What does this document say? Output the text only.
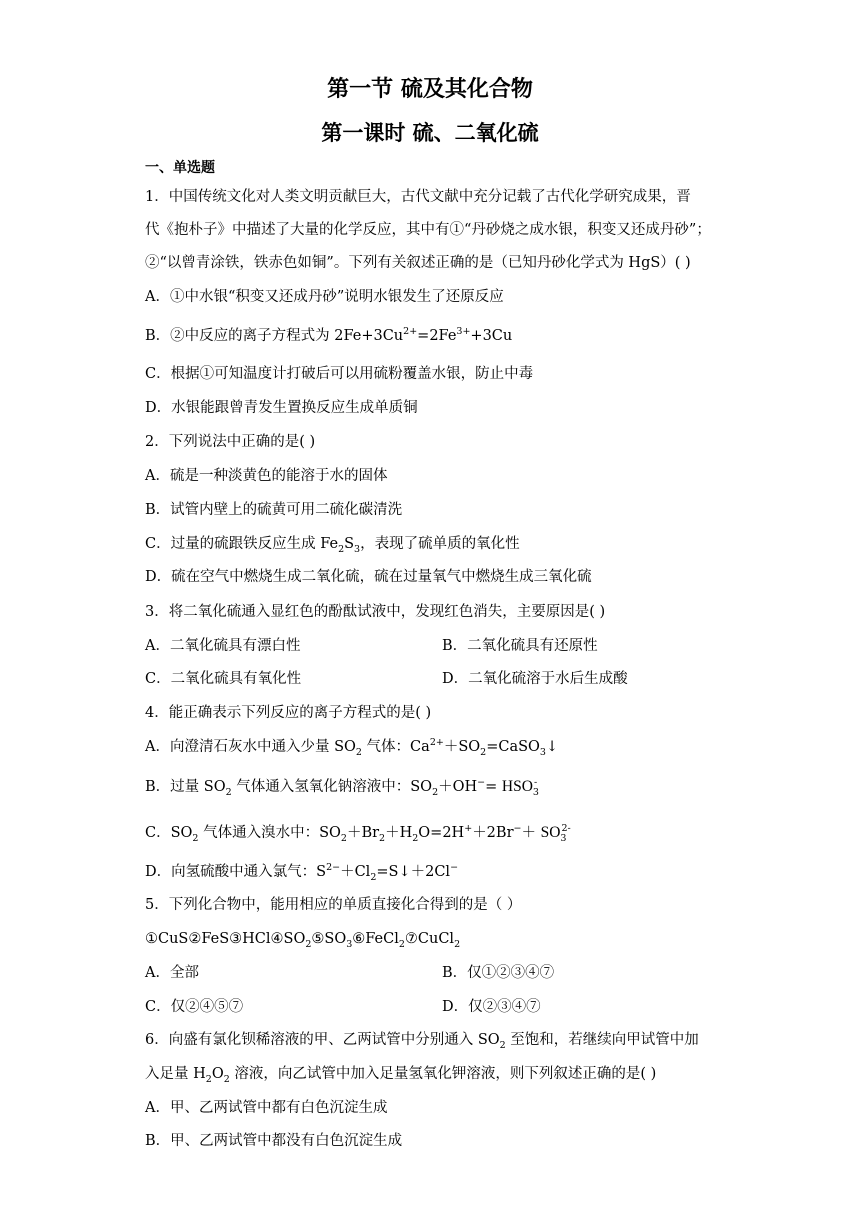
第一节 硫及其化合物
第一课时 硫、二氧化硫
一、单选题
1．中国传统文化对人类文明贡献巨大，古代文献中充分记载了古代化学研究成果，晋
代《抱朴子》中描述了大量的化学反应，其中有①“丹砂烧之成水银，积变又还成丹砂”；
②“以曾青涂铁，铁赤色如铜”。下列有关叙述正确的是（已知丹砂化学式为 HgS）( )
A．①中水银“积变又还成丹砂”说明水银发生了还原反应
B．②中反应的离子方程式为 $2Fe+3Cu^{2+}=2Fe^{3+}+3Cu$
C．根据①可知温度计打破后可以用硫粉覆盖水银，防止中毒
D．水银能跟曾青发生置换反应生成单质铜
2．下列说法中正确的是( )
A．硫是一种淡黄色的能溶于水的固体
B．试管内壁上的硫黄可用二硫化碳清洗
C．过量的硫跟铁反应生成 $Fe_2S_3$，表现了硫单质的氧化性
D．硫在空气中燃烧生成二氧化硫，硫在过量氧气中燃烧生成三氧化硫
3．将二氧化硫通入显红色的酚酞试液中，发现红色消失，主要原因是( )
A．二氧化硫具有漂白性	B．二氧化硫具有还原性
C．二氧化硫具有氧化性	D．二氧化硫溶于水后生成酸
4．能正确表示下列反应的离子方程式的是( )
A．向澄清石灰水中通入少量 $SO_2$ 气体：$Ca^{2+}+SO_2=CaSO_3↓$
B．过量 $SO_2$ 气体通入氢氧化钠溶液中：$SO_2+OH^-= HSO_3^-$
C．$SO_2$ 气体通入溴水中：$SO_2+Br_2+H_2O=2H^++2Br^-+ SO_3^{2-}$
D．向氢硫酸中通入氯气：$S^{2-}+Cl_2=S↓+2Cl^-$
5．下列化合物中，能用相应的单质直接化合得到的是（ ）
$①CuS②FeS③HCl④SO_2⑤SO_3⑥FeCl_2⑦CuCl_2$
A．全部	B．仅①②③④⑦
C．仅②④⑤⑦	D．仅②③④⑦
6．向盛有氯化钡稀溶液的甲、乙两试管中分别通入 $SO_2$ 至饱和，若继续向甲试管中加
入足量 $H_2O_2$ 溶液，向乙试管中加入足量氢氧化钾溶液，则下列叙述正确的是( )
A．甲、乙两试管中都有白色沉淀生成
B．甲、乙两试管中都没有白色沉淀生成
